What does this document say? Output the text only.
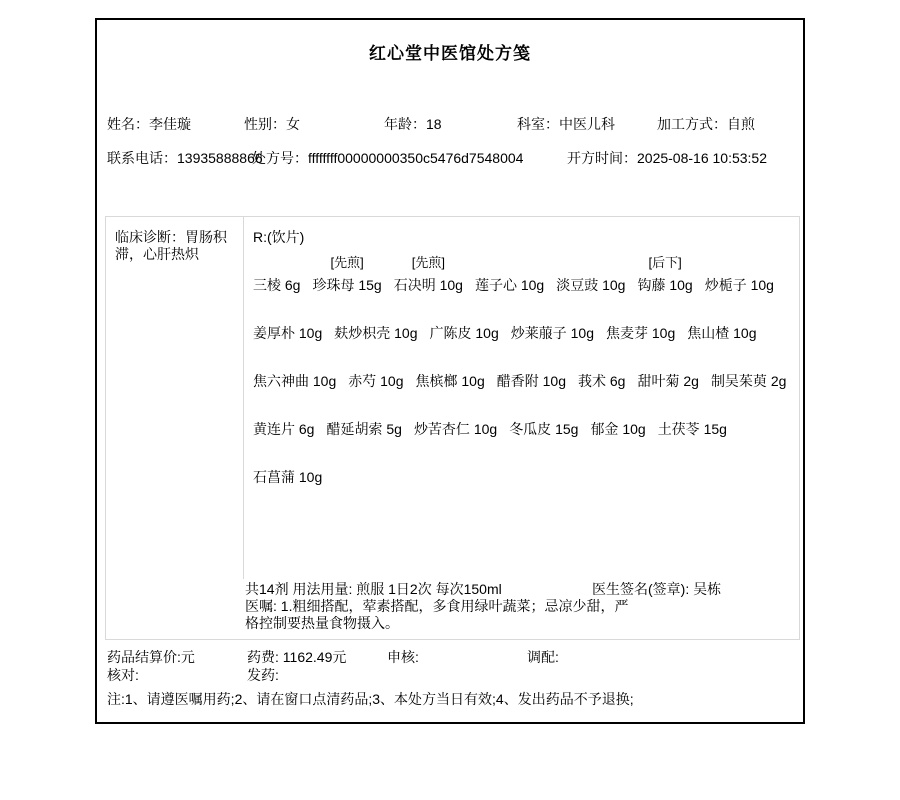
红心堂中医馆处方笺
姓名：李佳璇	性别：女	年龄：18	科室：中医儿科	加工方式：自煎
联系电话：13935888866
处方号：ffffffff00000000350c5476d7548004	开方时间：2025-08-16 10:53:52
临床诊断：胃肠积滞，心肝热炽
R:(饮片)
三棱 6g
[先煎]
珍珠母 15g
[先煎]
石决明 10g 莲子心 10g 淡豆豉 10g
[后下]
钩藤 10g 炒栀子 10g
姜厚朴 10g 麸炒枳壳 10g 广陈皮 10g 炒莱菔子 10g 焦麦芽 10g 焦山楂 10g
焦六神曲 10g 赤芍 10g 焦槟榔 10g 醋香附 10g 莪术 6g 甜叶菊 2g 制吴茱萸 2g
黄连片 6g 醋延胡索 5g 炒苦杏仁 10g 冬瓜皮 15g 郁金 10g 土茯苓 15g
石菖蒲 10g
共14剂 用法用量: 煎服 1日2次 每次150ml	医生签名(签章): 吴栋
医嘱: 1.粗细搭配，荤素搭配，多食用绿叶蔬菜；忌凉少甜，严格控制要热量食物摄入。
药品结算价:元	药费: 1162.49元	申核:	调配:
核对:	发药:
注:1、请遵医嘱用药;2、请在窗口点清药品;3、本处方当日有效;4、发出药品不予退换;
